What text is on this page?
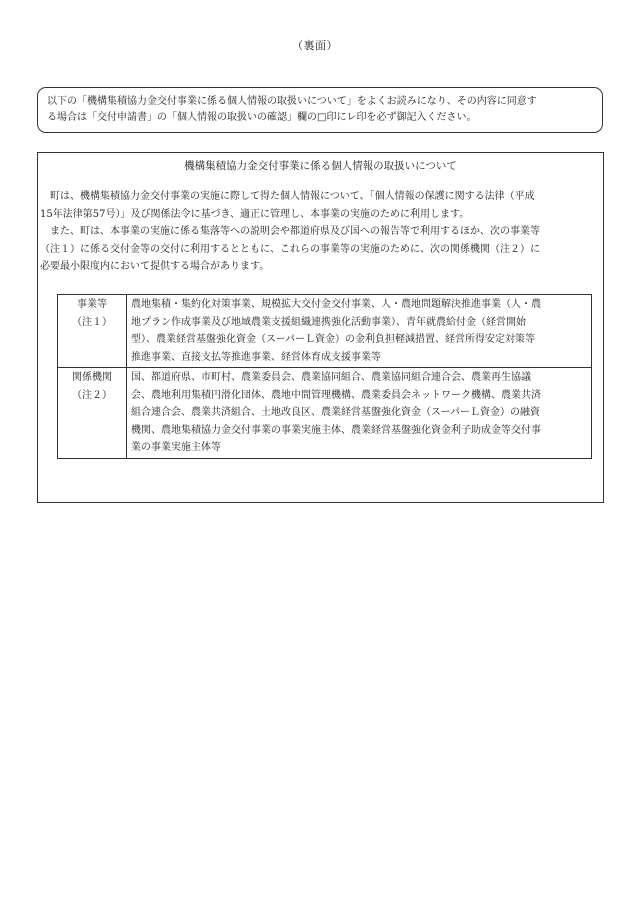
（裏面）
以下の「機構集積協力金交付事業に係る個人情報の取扱いについて」をよくお読みになり、その内容に同意す
る場合は「交付申請書」の「個人情報の取扱いの確認」欄の□印にレ印を必ず御記入ください。
機構集積協力金交付事業に係る個人情報の取扱いについて

町は、機構集積協力金交付事業の実施に際して得た個人情報について、「個人情報の保護に関する法律（平成

15年法律第57号）」及び関係法令に基づき、適正に管理し、本事業の実施のために利用します。

また、町は、本事業の実施に係る集落等への説明会や都道府県及び国への報告等で利用するほか、次の事業等

（注１）に係る交付金等の交付に利用するとともに、これらの事業等の実施のために、次の関係機関（注２）に
必要最小限度内において提供する場合があります。

事業等
（注１）	農地集積・集約化対策事業、規模拡大交付金交付事業、人・農地問題解決推進事業（人・農
地プラン作成事業及び地域農業支援組織連携強化活動事業）、青年就農給付金（経営開始
型）、農業経営基盤強化資金（スーパーＬ資金）の金利負担軽減措置、経営所得安定対策等
推進事業、直接支払等推進事業、経営体育成支援事業等

関係機関
（注２）	国、都道府県、市町村、農業委員会、農業協同組合、農業協同組合連合会、農業再生協議
会、農地利用集積円滑化団体、農地中間管理機構、農業委員会ネットワーク機構、農業共済
組合連合会、農業共済組合、土地改良区、農業経営基盤強化資金（スーパーＬ資金）の融資
機関、農地集積協力金交付事業の事業実施主体、農業経営基盤強化資金利子助成金等交付事
業の事業実施主体等
